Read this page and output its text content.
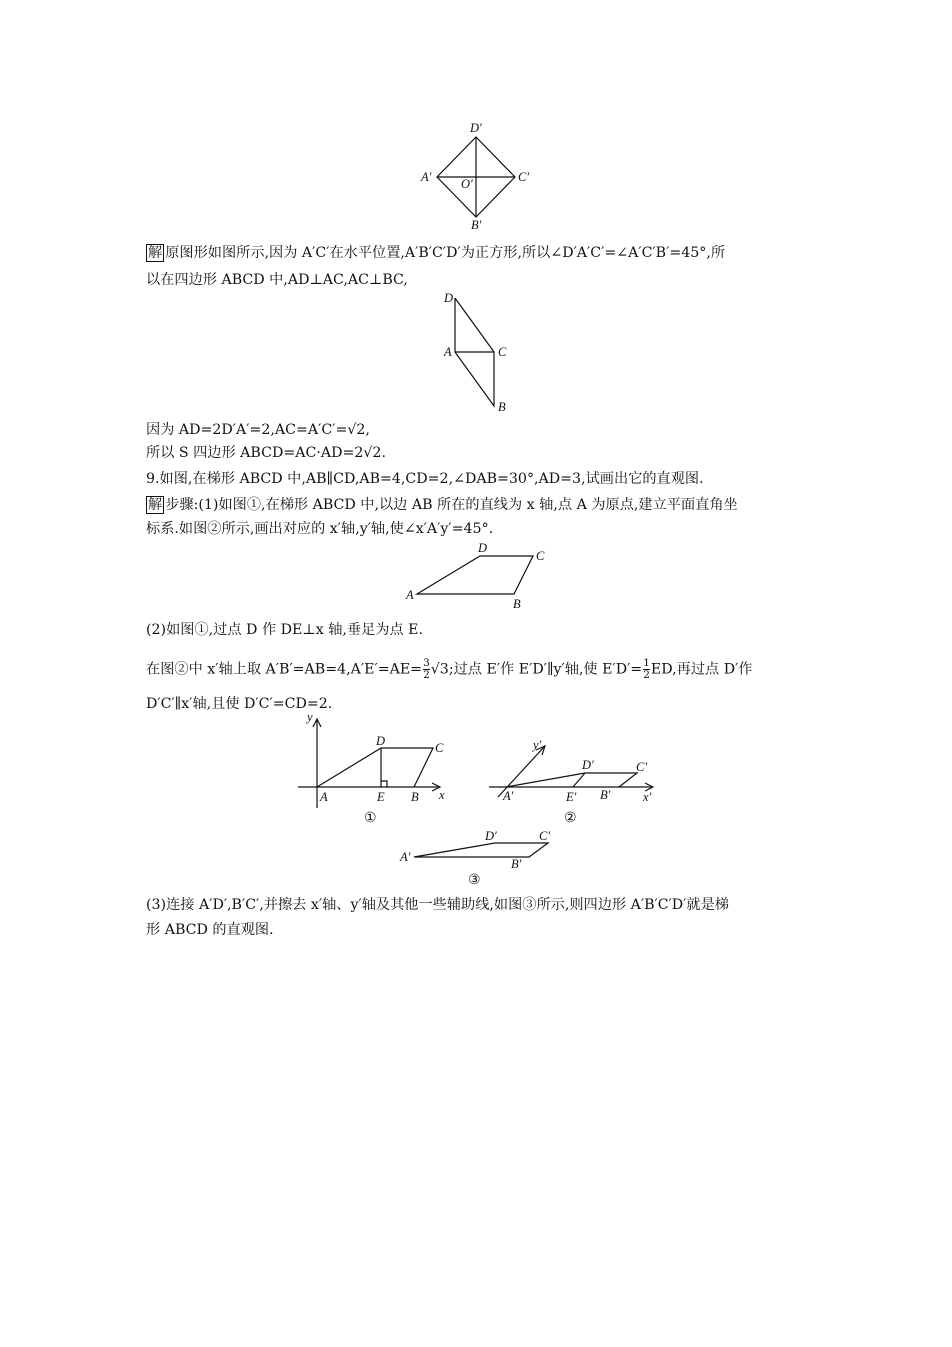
D′
A′ O′	C′
B′
D
A	C
B
D
C
A
B
y
D	C
A	E B x
①
y′
D′	C′
A′	E′ B′	x′
②
D′	C′
A′	B′
③
解 原图形如图所示,因为 A′C′在水平位置,A′B′C′D′为正方形,所以∠D′A′C′=∠A′C′B′=45°,所
以在四边形 ABCD 中,AD⊥AC,AC⊥BC,
因为 AD=2D′A′=2,AC=A′C′=√2,
所以 S 四边形 ABCD=AC·AD=2√2.
9.如图,在梯形 ABCD 中,AB∥CD,AB=4,CD=2,∠DAB=30°,AD=3,试画出它的直观图.
解 步骤:(1)如图①,在梯形 ABCD 中,以边 AB 所在的直线为 x 轴,点 A 为原点,建立平面直角坐
标系.如图②所示,画出对应的 x′轴,y′轴,使∠x′A′y′=45°.
(2)如图①,过点 D 作 DE⊥x 轴,垂足为点 E.
在图②中 x′轴上取 $A'B'=AB=4,A'E'=AE= \frac{3}{2} √3$;过点 E′作 E′D′∥y′轴,使 $E'D'= \frac{1}{2}$ ED,再过点 D′作
D′C′∥x′轴,且使 D′C′=CD=2.
(3)连接 A′D′,B′C′,并擦去 x′轴、y′轴及其他一些辅助线,如图③所示,则四边形 A′B′C′D′就是梯
形 ABCD 的直观图.
